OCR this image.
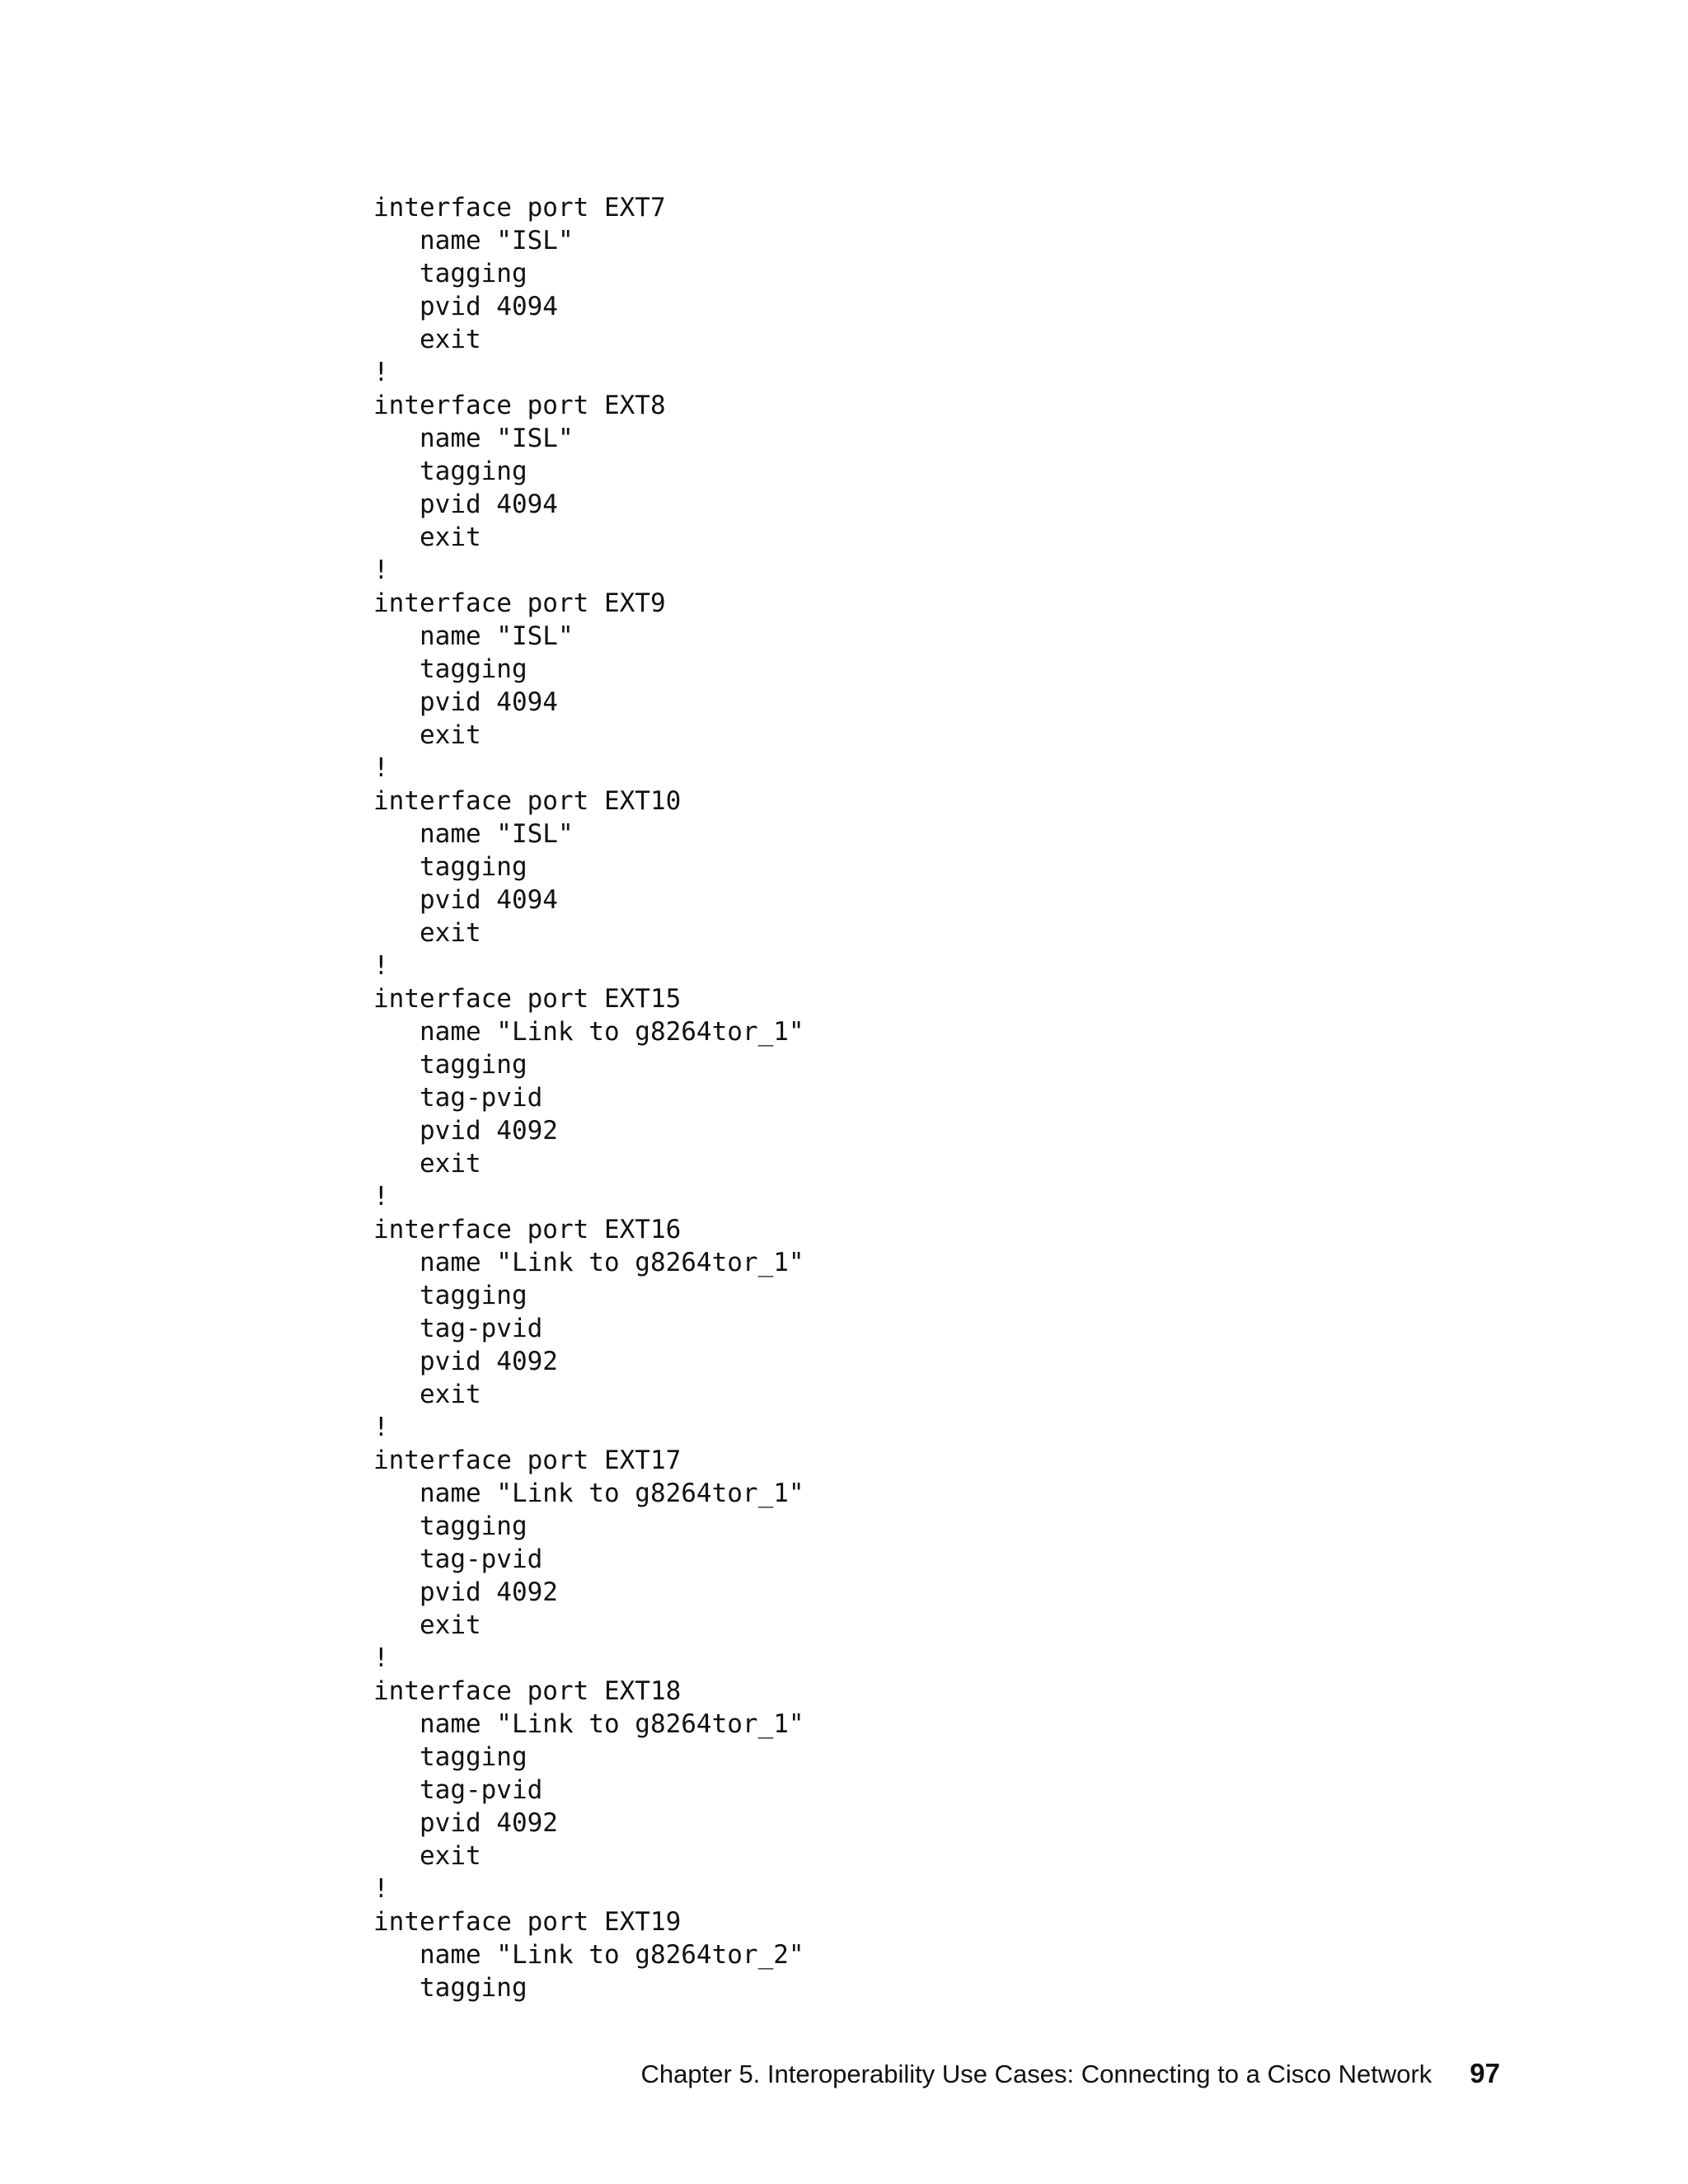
interface port EXT7
name "ISL"
tagging
pvid 4094
exit
!
interface port EXT8
name "ISL"
tagging
pvid 4094
exit
!
interface port EXT9
name "ISL"
tagging
pvid 4094
exit
!
interface port EXT10
name "ISL"
tagging
pvid 4094
exit
!
interface port EXT15
name "Link to g8264tor_1"
tagging
tag-pvid
pvid 4092
exit
!
interface port EXT16
name "Link to g8264tor_1"
tagging
tag-pvid
pvid 4092
exit
!
interface port EXT17
name "Link to g8264tor_1"
tagging
tag-pvid
pvid 4092
exit
!
interface port EXT18
name "Link to g8264tor_1"
tagging
tag-pvid
pvid 4092
exit
!
interface port EXT19
name "Link to g8264tor_2"
tagging
Chapter 5. Interoperability Use Cases: Connecting to a Cisco Network 97
